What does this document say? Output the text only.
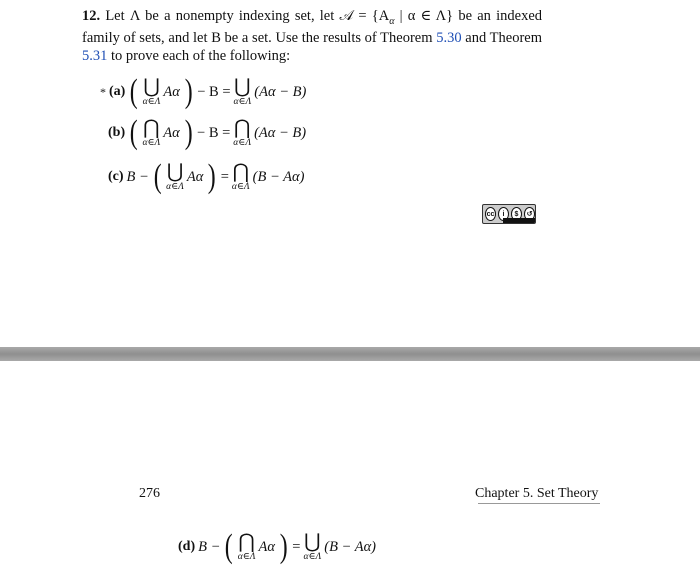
12. Let Λ be a nonempty indexing set, let 𝒜 = {$A_\alpha$ | α ∈ Λ} be an indexed family of sets, and let B be a set. Use the results of Theorem 5.30 and Theorem 5.31 to prove each of the following:
* (a) ( ⋃
α∈Λ
Aα ) − B = ⋃
α∈Λ
(Aα − B)
(b) ( ⋂
α∈Λ
Aα ) − B = ⋂
α∈Λ
(Aα − B)
(c) B − ( ⋃
α∈Λ
Aα ) = ⋂
α∈Λ
(B − Aα)
cc	i	$	↺
276	Chapter 5. Set Theory
(d) B − ( ⋂
α∈Λ
Aα ) = ⋃
α∈Λ
(B − Aα)
